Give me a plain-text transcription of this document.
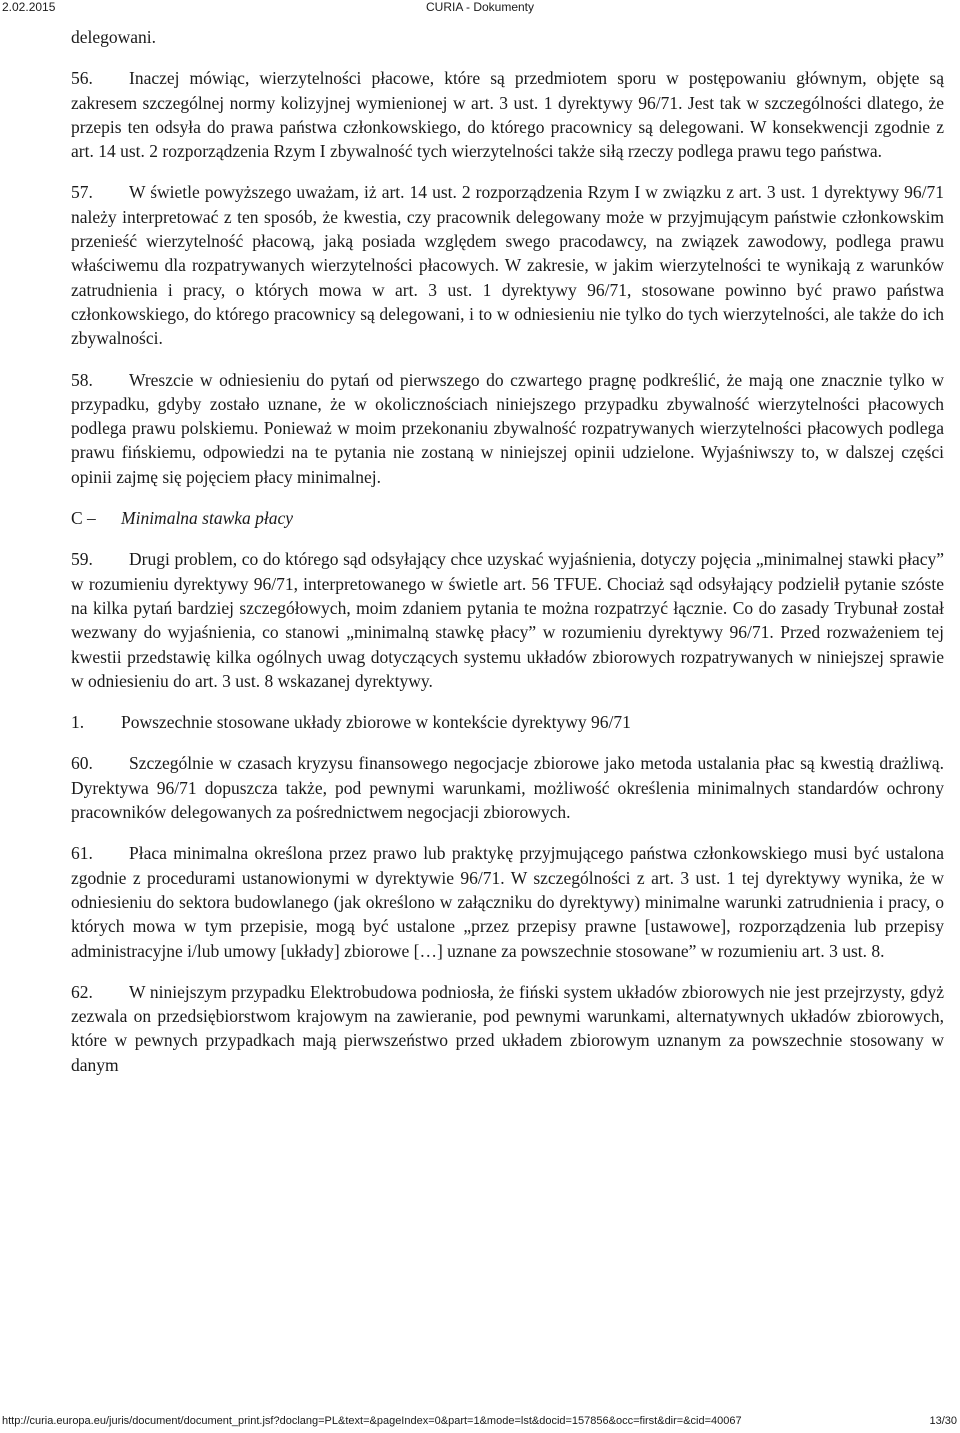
2.02.2015	CURIA - Dokumenty

delegowani.

56. Inaczej mówiąc, wierzytelności płacowe, które są przedmiotem sporu w postępowaniu głównym, objęte są zakresem szczególnej normy kolizyjnej wymienionej w art. 3 ust. 1 dyrektywy 96/71. Jest tak w szczególności dlatego, że przepis ten odsyła do prawa państwa członkowskiego, do którego pracownicy są delegowani. W konsekwencji zgodnie z art. 14 ust. 2 rozporządzenia Rzym I zbywalność tych wierzytelności także siłą rzeczy podlega prawu tego państwa.

57. W świetle powyższego uważam, iż art. 14 ust. 2 rozporządzenia Rzym I w związku z art. 3 ust. 1 dyrektywy 96/71 należy interpretować z ten sposób, że kwestia, czy pracownik delegowany może w przyjmującym państwie członkowskim przenieść wierzytelność płacową, jaką posiada względem swego pracodawcy, na związek zawodowy, podlega prawu właściwemu dla rozpatrywanych wierzytelności płacowych. W zakresie, w jakim wierzytelności te wynikają z warunków zatrudnienia i pracy, o których mowa w art. 3 ust. 1 dyrektywy 96/71, stosowane powinno być prawo państwa członkowskiego, do którego pracownicy są delegowani, i to w odniesieniu nie tylko do tych wierzytelności, ale także do ich zbywalności.

58. Wreszcie w odniesieniu do pytań od pierwszego do czwartego pragnę podkreślić, że mają one znacznie tylko w przypadku, gdyby zostało uznane, że w okolicznościach niniejszego przypadku zbywalność wierzytelności płacowych podlega prawu polskiemu. Ponieważ w moim przekonaniu zbywalność rozpatrywanych wierzytelności płacowych podlega prawu fińskiemu, odpowiedzi na te pytania nie zostaną w niniejszej opinii udzielone. Wyjaśniwszy to, w dalszej części opinii zajmę się pojęciem płacy minimalnej.

C – Minimalna stawka płacy

59. Drugi problem, co do którego sąd odsyłający chce uzyskać wyjaśnienia, dotyczy pojęcia „minimalnej stawki płacy” w rozumieniu dyrektywy 96/71, interpretowanego w świetle art. 56 TFUE. Chociaż sąd odsyłający podzielił pytanie szóste na kilka pytań bardziej szczegółowych, moim zdaniem pytania te można rozpatrzyć łącznie. Co do zasady Trybunał został wezwany do wyjaśnienia, co stanowi „minimalną stawkę płacy” w rozumieniu dyrektywy 96/71. Przed rozważeniem tej kwestii przedstawię kilka ogólnych uwag dotyczących systemu układów zbiorowych rozpatrywanych w niniejszej sprawie w odniesieniu do art. 3 ust. 8 wskazanej dyrektywy.

1. Powszechnie stosowane układy zbiorowe w kontekście dyrektywy 96/71

60. Szczególnie w czasach kryzysu finansowego negocjacje zbiorowe jako metoda ustalania płac są kwestią drażliwą. Dyrektywa 96/71 dopuszcza także, pod pewnymi warunkami, możliwość określenia minimalnych standardów ochrony pracowników delegowanych za pośrednictwem negocjacji zbiorowych.

61. Płaca minimalna określona przez prawo lub praktykę przyjmującego państwa członkowskiego musi być ustalona zgodnie z procedurami ustanowionymi w dyrektywie 96/71. W szczególności z art. 3 ust. 1 tej dyrektywy wynika, że w odniesieniu do sektora budowlanego (jak określono w załączniku do dyrektywy) minimalne warunki zatrudnienia i pracy, o których mowa w tym przepisie, mogą być ustalone „przez przepisy prawne [ustawowe], rozporządzenia lub przepisy administracyjne i/lub umowy [układy] zbiorowe […] uznane za powszechnie stosowane” w rozumieniu art. 3 ust. 8.

62. W niniejszym przypadku Elektrobudowa podniosła, że fiński system układów zbiorowych nie jest przejrzysty, gdyż zezwala on przedsiębiorstwom krajowym na zawieranie, pod pewnymi warunkami, alternatywnych układów zbiorowych, które w pewnych przypadkach mają pierwszeństwo przed układem zbiorowym uznanym za powszechnie stosowany w danym

http://curia.europa.eu/juris/document/document_print.jsf?doclang=PL&text=&pageIndex=0&part=1&mode=lst&docid=157856&occ=first&dir=&cid=40067	13/30
